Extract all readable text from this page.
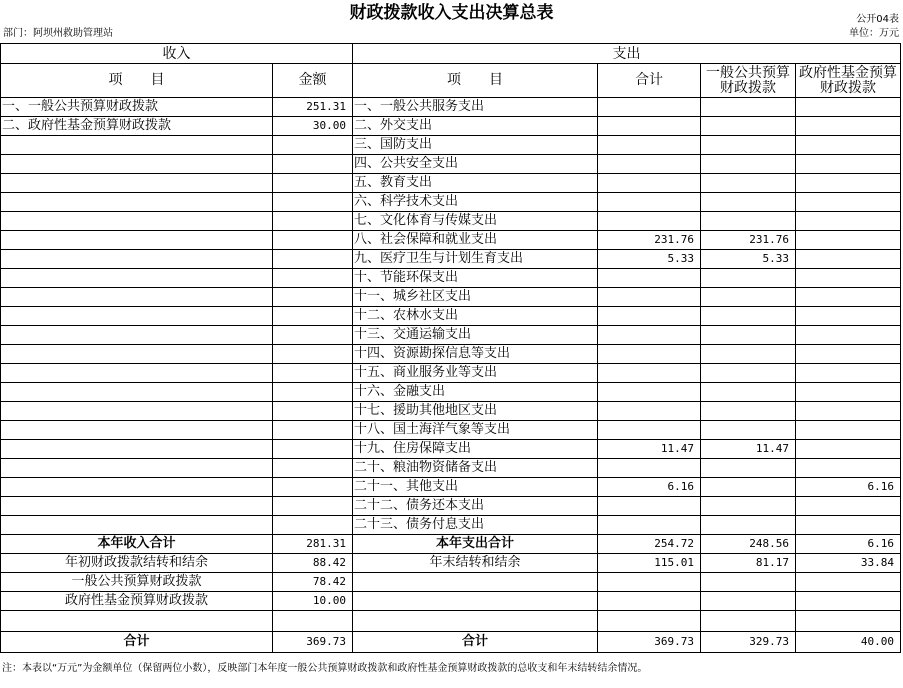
财政拨款收入支出决算总表	公开04表
部门：阿坝州救助管理站	单位：万元
收入		支出			
项　　目	金额	项　　目	合计	一般公共预算财政拨款	政府性基金预算财政拨款
一、一般公共预算财政拨款	251.31	一、一般公共服务支出			
二、政府性基金预算财政拨款	30.00	二、外交支出			
		三、国防支出			
		四、公共安全支出			
		五、教育支出			
		六、科学技术支出			
		七、文化体育与传媒支出			
		八、社会保障和就业支出	231.76	231.76	
		九、医疗卫生与计划生育支出	5.33	5.33	
		十、节能环保支出			
		十一、城乡社区支出			
		十二、农林水支出			
		十三、交通运输支出			
		十四、资源勘探信息等支出			
		十五、商业服务业等支出			
		十六、金融支出			
		十七、援助其他地区支出			
		十八、国土海洋气象等支出			
		十九、住房保障支出	11.47	11.47	
		二十、粮油物资储备支出			
		二十一、其他支出	6.16		6.16
		二十二、债务还本支出			
		二十三、债务付息支出			
本年收入合计	281.31	本年支出合计	254.72	248.56	6.16
年初财政拨款结转和结余	88.42	年末结转和结余	115.01	81.17	33.84
一般公共预算财政拨款	78.42				
政府性基金预算财政拨款	10.00				

合计	369.73	合计	369.73	329.73	40.00
注：本表以“万元”为金额单位（保留两位小数），反映部门本年度一般公共预算财政拨款和政府性基金预算财政拨款的总收支和年末结转结余情况。
